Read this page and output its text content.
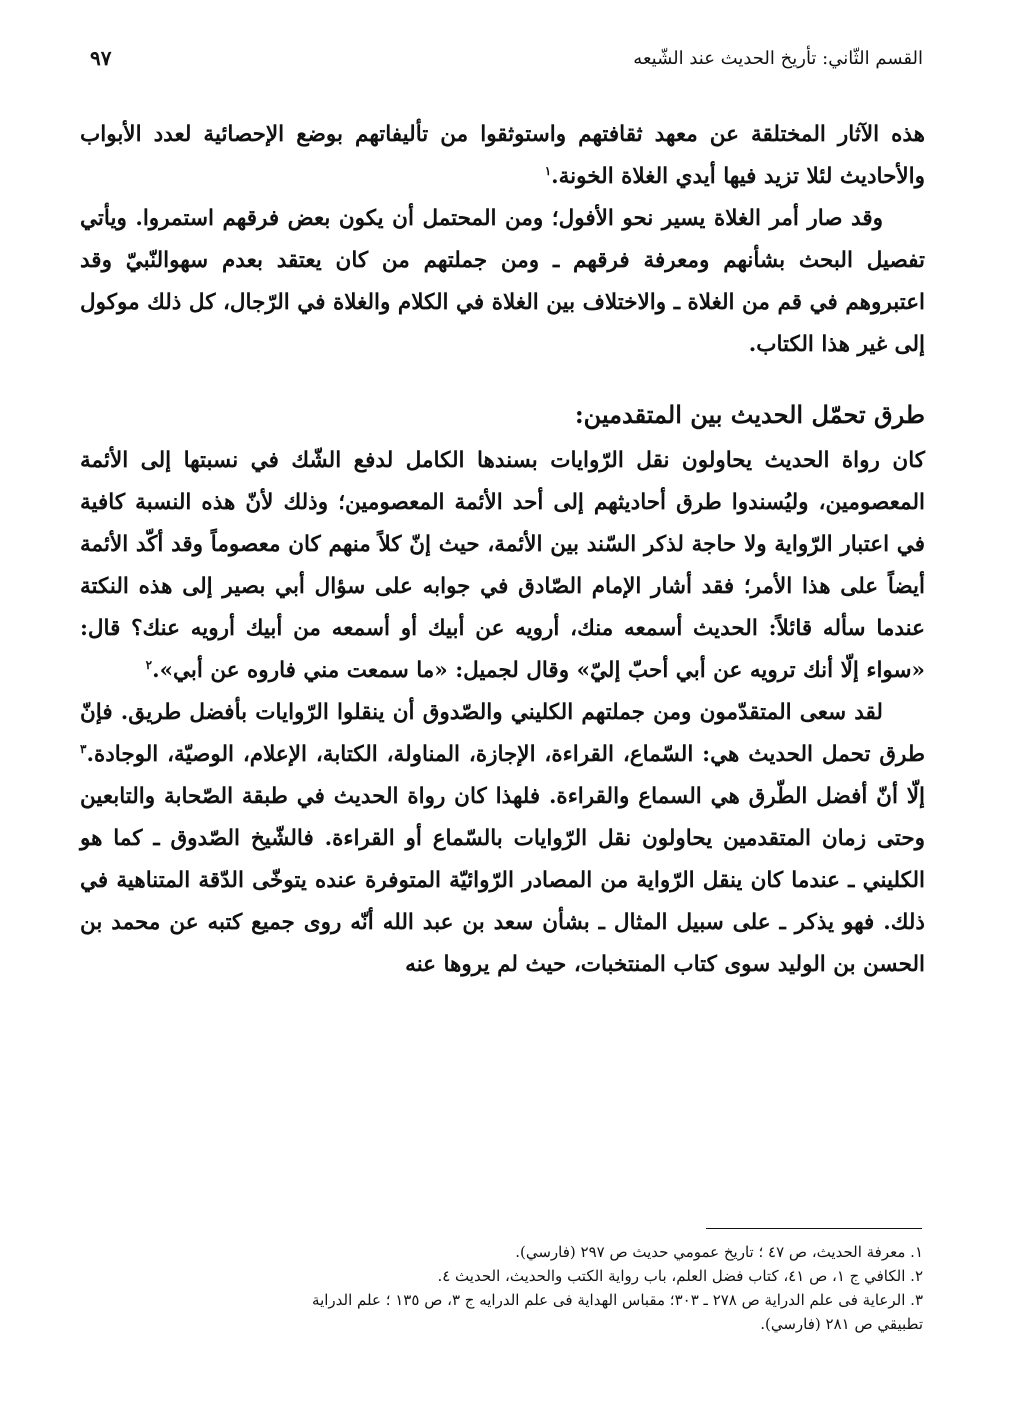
القسم الثّاني: تأريخ الحديث عند الشّيعه
٩٧

هذه الآثار المختلقة عن معهد ثقافتهم واستوثقوا من تأليفاتهم بوضع الإحصائية لعدد الأبواب والأحاديث لئلا تزيد فيها أيدي الغلاة الخونة.$^١$

وقد صار أمر الغلاة يسير نحو الأفول؛ ومن المحتمل أن يكون بعض فرقهم استمروا. ويأتي تفصيل البحث بشأنهم ومعرفة فرقهم ـ ومن جملتهم من كان يعتقد بعدم سهوالنّبيّ وقد اعتبروهم في قم من الغلاة ـ والاختلاف بين الغلاة في الكلام والغلاة في الرّجال، كل ذلك موكول إلى غير هذا الكتاب.

طرق تحمّل الحديث بين المتقدمين:

كان رواة الحديث يحاولون نقل الرّوايات بسندها الكامل لدفع الشّك في نسبتها إلى الأئمة المعصومين، وليُسندوا طرق أحاديثهم إلى أحد الأئمة المعصومين؛ وذلك لأنّ هذه النسبة كافية في اعتبار الرّواية ولا حاجة لذكر السّند بين الأئمة، حيث إنّ كلاً منهم كان معصوماً وقد أكّد الأئمة أيضاً على هذا الأمر؛ فقد أشار الإمام الصّادق في جوابه على سؤال أبي بصير إلى هذه النكتة عندما سأله قائلاً: الحديث أسمعه منك، أرويه عن أبيك أو أسمعه من أبيك أرويه عنك؟ قال: «سواء إلّا أنك ترويه عن أبي أحبّ إليّ» وقال لجميل: «ما سمعت مني فاروه عن أبي».$^٢$

لقد سعى المتقدّمون ومن جملتهم الكليني والصّدوق أن ينقلوا الرّوايات بأفضل طريق. فإنّ طرق تحمل الحديث هي: السّماع، القراءة، الإجازة، المناولة، الكتابة، الإعلام، الوصيّة، الوجادة.$^٣$ إلّا أنّ أفضل الطّرق هي السماع والقراءة. فلهذا كان رواة الحديث في طبقة الصّحابة والتابعين وحتى زمان المتقدمين يحاولون نقل الرّوايات بالسّماع أو القراءة. فالشّيخ الصّدوق ـ كما هو الكليني ـ عندما كان ينقل الرّواية من المصادر الرّوائيّة المتوفرة عنده يتوخّى الدّقة المتناهية في ذلك. فهو يذكر ـ على سبيل المثال ـ بشأن سعد بن عبد الله أنّه روى جميع كتبه عن محمد بن الحسن بن الوليد سوى كتاب المنتخبات، حيث لم يروها عنه

١. معرفة الحديث، ص ٤٧ ؛ تاريخ عمومي حديث ص ٢٩٧ (فارسي).

٢. الكافي ج ١، ص ٤١، كتاب فضل العلم، باب رواية الكتب والحديث، الحديث ٤.

٣. الرعاية فى علم الدراية ص ٢٧٨ ـ ٣٠٣؛ مقباس الهداية فى علم الدرايه ج ٣، ص ١٣٥ ؛ علم الدراية
تطبيقي ص ٢٨١ (فارسي).
